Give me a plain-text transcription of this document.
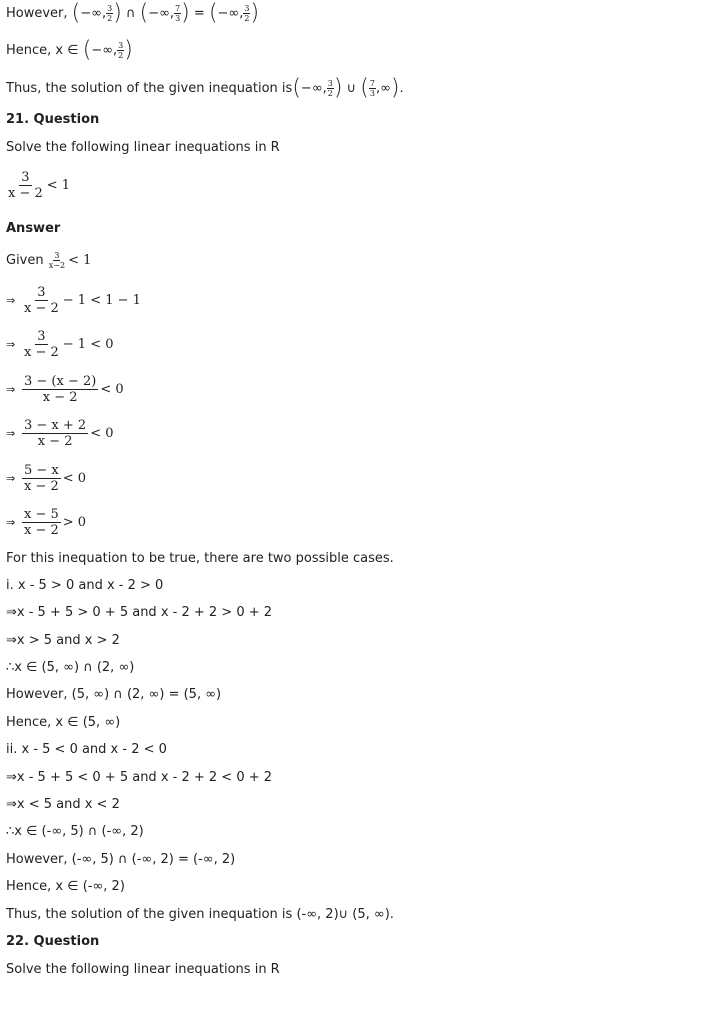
However, (−∞, $\frac{3}{2}$ ) ∩ (−∞, $\frac{7}{3}$ ) = (−∞, $\frac{3}{2}$ )
Hence, x ∈ (−∞, $\frac{3}{2}$ )
Thus, the solution of the given inequation is(−∞, $\frac{3}{2}$ ) ∪ ( $\frac{7}{3}$ ,∞).
21. Question
Solve the following linear inequations in R
$\frac{3}{x - 2} < 1$
Answer
Given $\frac{3}{x-2} < 1$
⇒ $\frac{3}{x - 2} - 1 < 1 - 1$
⇒ $\frac{3}{x - 2} - 1 < 0$
⇒ $\frac{3 - (x - 2)}{x - 2} < 0$
⇒ $\frac{3 - x + 2}{x - 2} < 0$
⇒ $\frac{5 - x}{x - 2} < 0$
⇒ $\frac{x - 5}{x - 2} > 0$
For this inequation to be true, there are two possible cases.
i. x - 5 > 0 and x - 2 > 0
⇒x - 5 + 5 > 0 + 5 and x - 2 + 2 > 0 + 2
⇒x > 5 and x > 2
∴x ∈ (5, ∞) ∩ (2, ∞)
However, (5, ∞) ∩ (2, ∞) = (5, ∞)
Hence, x ∈ (5, ∞)
ii. x - 5 < 0 and x - 2 < 0
⇒x - 5 + 5 < 0 + 5 and x - 2 + 2 < 0 + 2
⇒x < 5 and x < 2
∴x ∈ (-∞, 5) ∩ (-∞, 2)
However, (-∞, 5) ∩ (-∞, 2) = (-∞, 2)
Hence, x ∈ (-∞, 2)
Thus, the solution of the given inequation is (-∞, 2)∪ (5, ∞).
22. Question
Solve the following linear inequations in R
